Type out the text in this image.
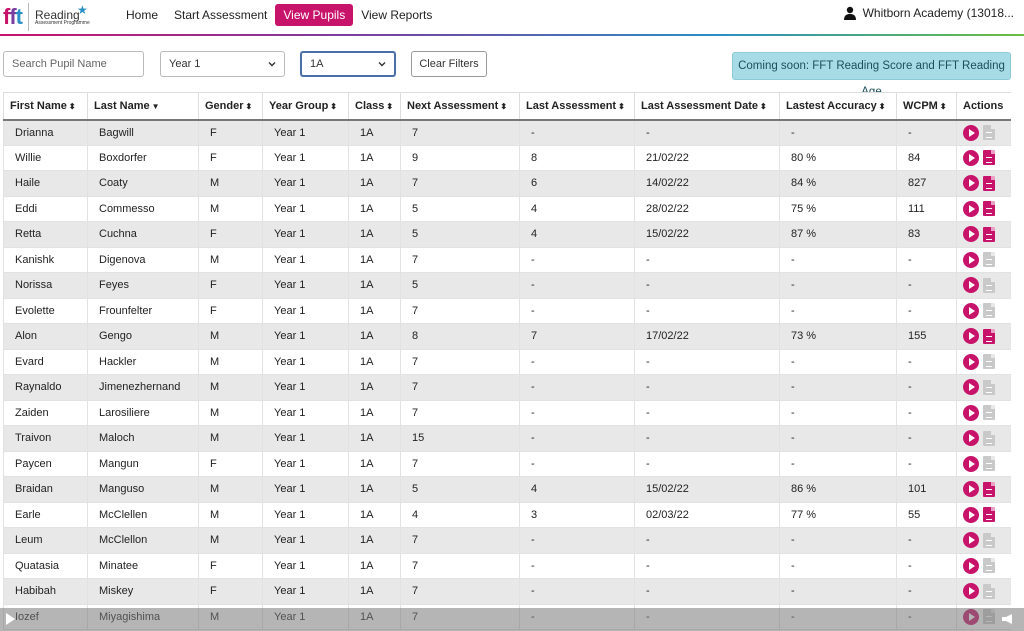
fft Reading
★
Assessment Programme
Home	Start Assessment	View Pupils	View Reports	Whitborn Academy (13018...
Search Pupil Name	Year 1	1A	Clear Filters	Coming soon: FFT Reading Score and FFT Reading
First Name ⬍	Last Name ▼	Gender ⬍	Year Group ⬍	Class ⬍	Next Assessment ⬍	Last Assessment ⬍	Last Assessment Date ⬍	Lastest Accuracy ⬍	WCPM ⬍	Actions
Drianna	Bagwill	F	Year 1	1A	7	-	-	-	-	

Willie	Boxdorfer	F	Year 1	1A	9	8	21/02/22	80 %	84	

Haile	Coaty	M	Year 1	1A	7	6	14/02/22	84 %	827	

Eddi	Commesso	M	Year 1	1A	5	4	28/02/22	75 %	111	

Retta	Cuchna	F	Year 1	1A	5	4	15/02/22	87 %	83	

Kanishk	Digenova	M	Year 1	1A	7	-	-	-	-	

Norissa	Feyes	F	Year 1	1A	5	-	-	-	-	

Evolette	Frounfelter	F	Year 1	1A	7	-	-	-	-	

Alon	Gengo	M	Year 1	1A	8	7	17/02/22	73 %	155	

Evard	Hackler	M	Year 1	1A	7	-	-	-	-	

Raynaldo	Jimenezhernand	M	Year 1	1A	7	-	-	-	-	

Zaiden	Larosiliere	M	Year 1	1A	7	-	-	-	-	

Traivon	Maloch	M	Year 1	1A	15	-	-	-	-	

Paycen	Mangun	F	Year 1	1A	7	-	-	-	-	

Braidan	Manguso	M	Year 1	1A	5	4	15/02/22	86 %	101	

Earle	McClellen	M	Year 1	1A	4	3	02/03/22	77 %	55	

Leum	McClellon	M	Year 1	1A	7	-	-	-	-	

Quatasia	Minatee	F	Year 1	1A	7	-	-	-	-	

Habibah	Miskey	F	Year 1	1A	7	-	-	-	-	
